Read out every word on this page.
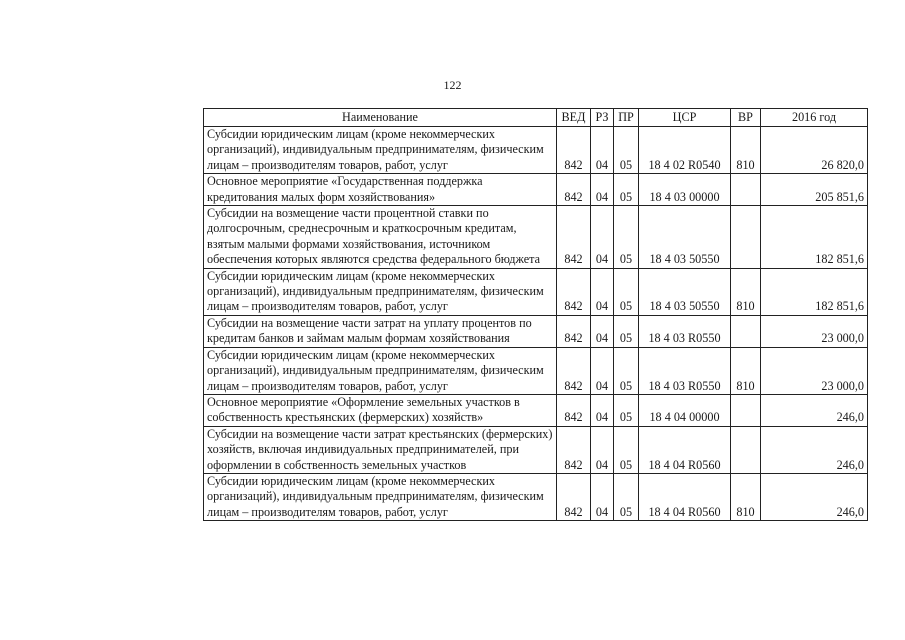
122
Наименование	ВЕД	РЗ	ПР	ЦСР	ВР	2016 год
Субсидии юридическим лицам (кроме некоммерческих организаций), индивидуальным предпринимателям, физическим лицам – производителям товаров, работ, услуг	842	04	05	18 4 02 R0540	810	26 820,0
Основное мероприятие «Государственная поддержка кредитования малых форм хозяйствования»	842	04	05	18 4 03 00000		205 851,6
Субсидии на возмещение части процентной ставки по долгосрочным, среднесрочным и краткосрочным кредитам, взятым малыми формами хозяйствования, источником обеспечения которых являются средства федерального бюджета	842	04	05	18 4 03 50550		182 851,6
Субсидии юридическим лицам (кроме некоммерческих организаций), индивидуальным предпринимателям, физическим лицам – производителям товаров, работ, услуг	842	04	05	18 4 03 50550	810	182 851,6
Субсидии на возмещение части затрат на уплату процентов по кредитам банков и займам малым формам хозяйствования	842	04	05	18 4 03 R0550		23 000,0
Субсидии юридическим лицам (кроме некоммерческих организаций), индивидуальным предпринимателям, физическим лицам – производителям товаров, работ, услуг	842	04	05	18 4 03 R0550	810	23 000,0
Основное мероприятие «Оформление земельных участков в собственность крестьянских (фермерских) хозяйств»	842	04	05	18 4 04 00000		246,0
Субсидии на возмещение части затрат крестьянских (фермерских) хозяйств, включая индивидуальных предпринимателей, при оформлении в собственность земельных участков	842	04	05	18 4 04 R0560		246,0
Субсидии юридическим лицам (кроме некоммерческих организаций), индивидуальным предпринимателям, физическим лицам – производителям товаров, работ, услуг	842	04	05	18 4 04 R0560	810	246,0
